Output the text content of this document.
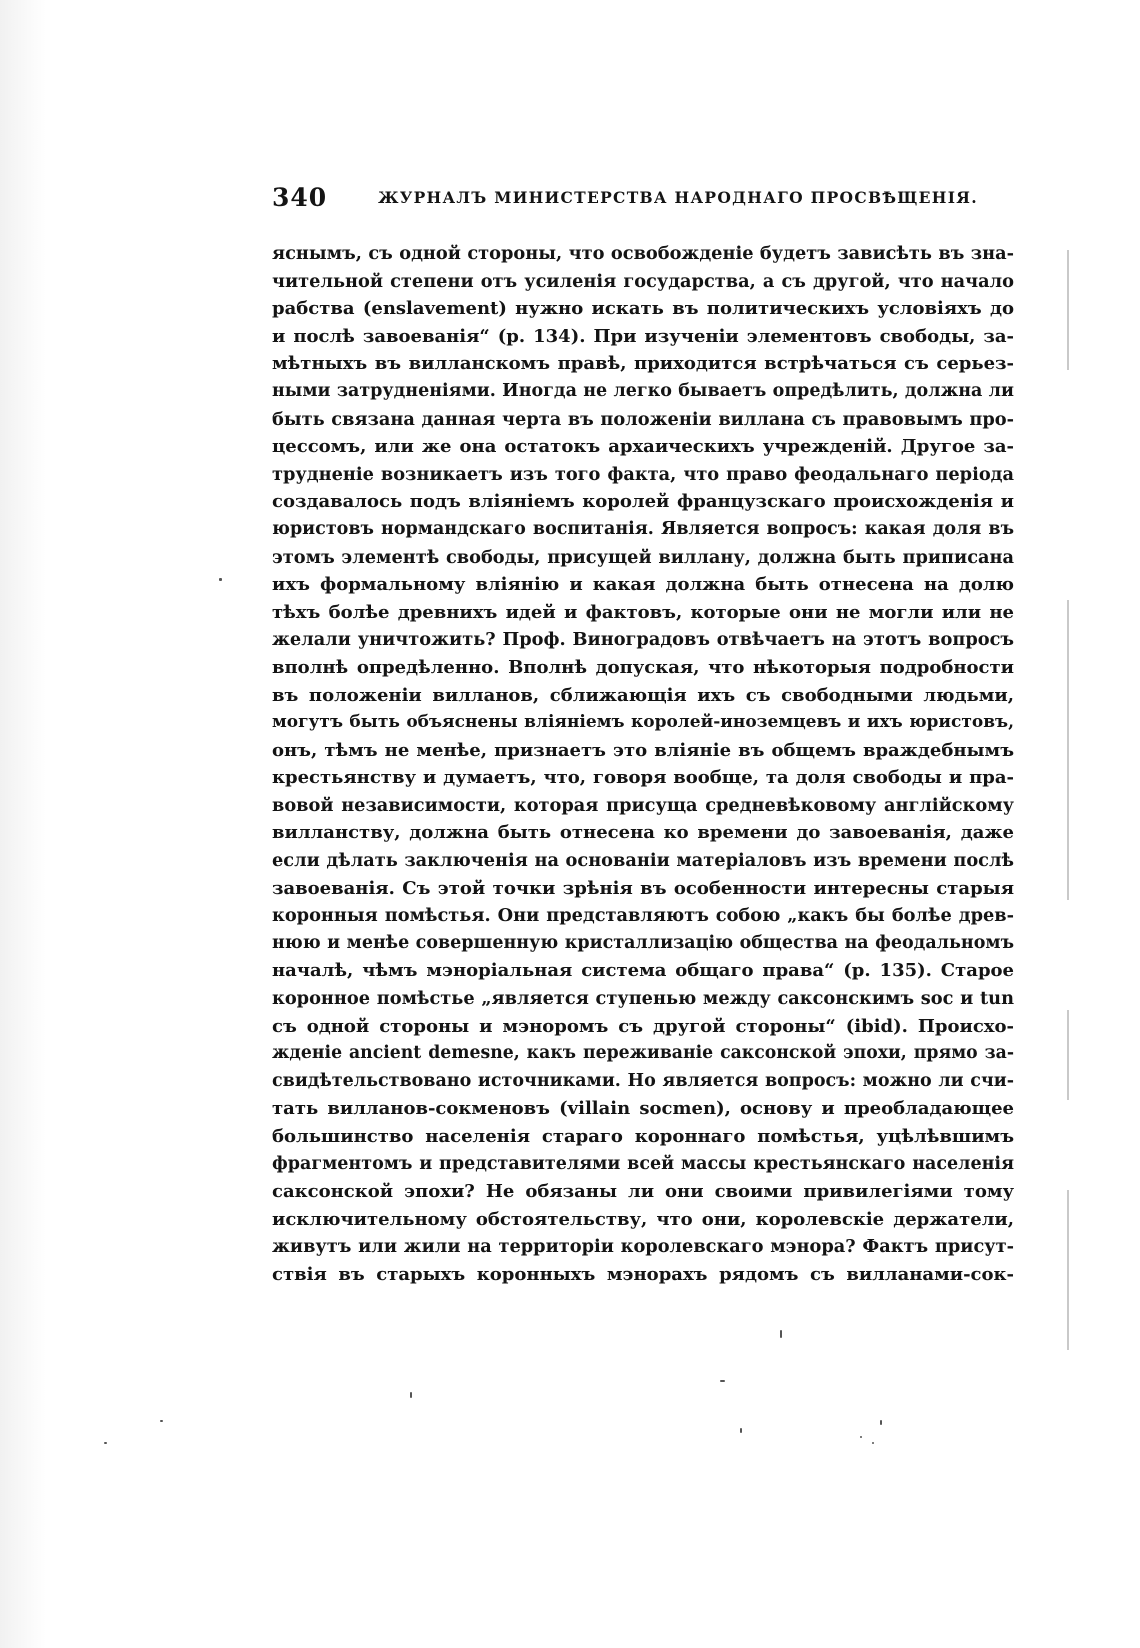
340	ЖУРНАЛЪ МИНИСТЕРСТВА НАРОДНАГО ПРОСВѢЩЕНІЯ.
яснымъ, съ одной стороны, что освобожденіе будетъ зависѣть въ зна-
чительной степени отъ усиленія государства, а съ другой, что начало
рабства (enslavement) нужно искать въ политическихъ условіяхъ до
и послѣ завоеванія“ (p. 134). При изученіи элементовъ свободы, за-
мѣтныхъ въ вилланскомъ правѣ, приходится встрѣчаться съ серьез-
ными затрудненіями. Иногда не легко бываетъ опредѣлить, должна ли
быть связана данная черта въ положеніи виллана съ правовымъ про-
цессомъ, или же она остатокъ архаическихъ учрежденій. Другое за-
трудненіе возникаетъ изъ того факта, что право феодальнаго періода
создавалось подъ вліяніемъ королей французскаго происхожденія и
юристовъ нормандскаго воспитанія. Является вопросъ: какая доля въ
этомъ элементѣ свободы, присущей виллану, должна быть приписана
ихъ формальному вліянію и какая должна быть отнесена на долю
тѣхъ болѣе древнихъ идей и фактовъ, которые они не могли или не
желали уничтожить? Проф. Виноградовъ отвѣчаетъ на этотъ вопросъ
вполнѣ опредѣленно. Вполнѣ допуская, что нѣкоторыя подробности
въ положеніи вилланов, сближающія ихъ съ свободными людьми,
могутъ быть объяснены вліяніемъ королей-иноземцевъ и ихъ юристовъ,
онъ, тѣмъ не менѣе, признаетъ это вліяніе въ общемъ враждебнымъ
крестьянству и думаетъ, что, говоря вообще, та доля свободы и пра-
вовой независимости, которая присуща средневѣковому англійскому
вилланству, должна быть отнесена ко времени до завоеванія, даже
если дѣлать заключенія на основаніи матеріаловъ изъ времени послѣ
завоеванія. Съ этой точки зрѣнія въ особенности интересны старыя
коронныя помѣстья. Они представляютъ собою „какъ бы болѣе древ-
нюю и менѣе совершенную кристаллизацію общества на феодальномъ
началѣ, чѣмъ мэноріальная система общаго права“ (p. 135). Старое
коронное помѣстье „является ступенью между саксонскимъ soc и tun
съ одной стороны и мэноромъ съ другой стороны“ (ibid). Происхо-
жденіе ancient demesne, какъ переживаніе саксонской эпохи, прямо за-
свидѣтельствовано источниками. Но является вопросъ: можно ли счи-
тать вилланов-сокменовъ (villain socmen), основу и преобладающее
большинство населенія стараго короннаго помѣстья, уцѣлѣвшимъ
фрагментомъ и представителями всей массы крестьянскаго населенія
саксонской эпохи? Не обязаны ли они своими привилегіями тому
исключительному обстоятельству, что они, королевскіе держатели,
живутъ или жили на территоріи королевскаго мэнора? Фактъ присут-
ствія въ старыхъ коронныхъ мэнорахъ рядомъ съ вилланами-сок-
